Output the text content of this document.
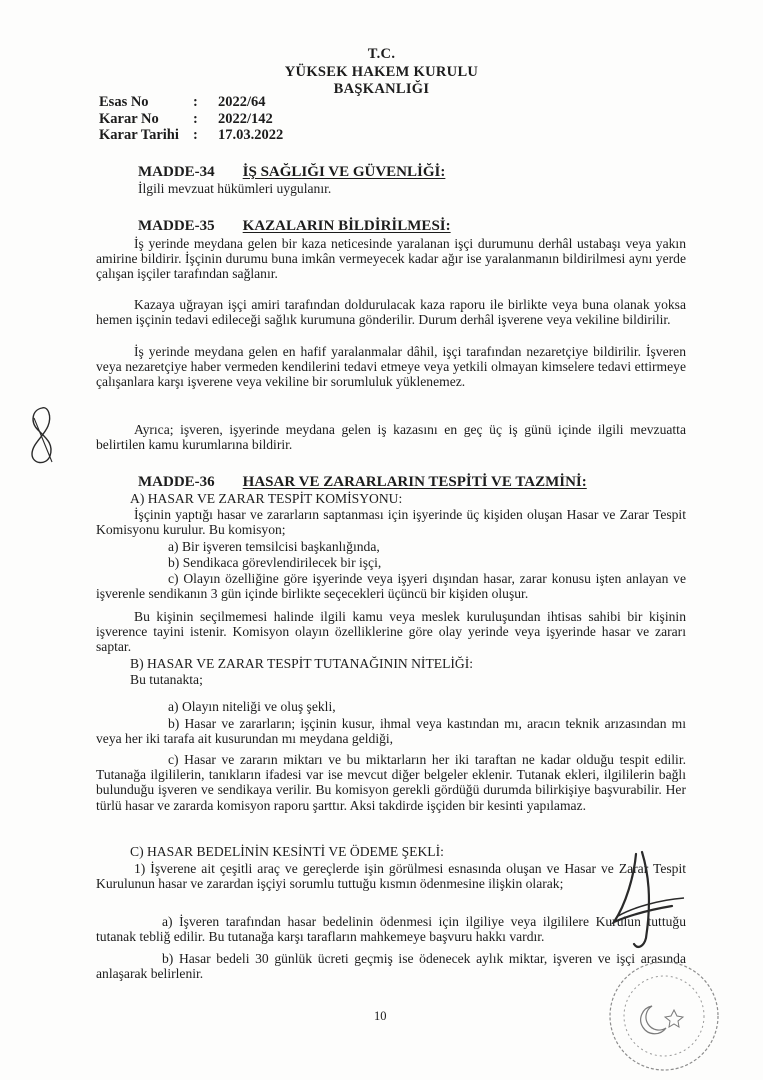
T.C.
YÜKSEK HAKEM KURULU
BAŞKANLIĞI
Esas No	:	2022/64
Karar No	:	2022/142
Karar Tarihi :	17.03.2022
MADDE-34 İŞ SAĞLIĞI VE GÜVENLİĞİ:
İlgili mevzuat hükümleri uygulanır.
MADDE-35 KAZALARIN BİLDİRİLMESİ:
İş yerinde meydana gelen bir kaza neticesinde yaralanan işçi durumunu derhâl ustabaşı veya yakın amirine bildirir. İşçinin durumu buna imkân vermeyecek kadar ağır ise yaralanmanın bildirilmesi aynı yerde çalışan işçiler tarafından sağlanır.
Kazaya uğrayan işçi amiri tarafından doldurulacak kaza raporu ile birlikte veya buna olanak yoksa hemen işçinin tedavi edileceği sağlık kurumuna gönderilir. Durum derhâl işverene veya vekiline bildirilir.
İş yerinde meydana gelen en hafif yaralanmalar dâhil, işçi tarafından nezaretçiye bildirilir. İşveren veya nezaretçiye haber vermeden kendilerini tedavi etmeye veya yetkili olmayan kimselere tedavi ettirmeye çalışanlara karşı işverene veya vekiline bir sorumluluk yüklenemez.
Ayrıca; işveren, işyerinde meydana gelen iş kazasını en geç üç iş günü içinde ilgili mevzuatta belirtilen kamu kurumlarına bildirir.
MADDE-36 HASAR VE ZARARLARIN TESPİTİ VE TAZMİNİ:
A) HASAR VE ZARAR TESPİT KOMİSYONU:
İşçinin yaptığı hasar ve zararların saptanması için işyerinde üç kişiden oluşan Hasar ve Zarar Tespit Komisyonu kurulur. Bu komisyon;
a) Bir işveren temsilcisi başkanlığında,
b) Sendikaca görevlendirilecek bir işçi,
c) Olayın özelliğine göre işyerinde veya işyeri dışından hasar, zarar konusu işten anlayan ve işverenle sendikanın 3 gün içinde birlikte seçecekleri üçüncü bir kişiden oluşur.
Bu kişinin seçilmemesi halinde ilgili kamu veya meslek kuruluşundan ihtisas sahibi bir kişinin işverence tayini istenir. Komisyon olayın özelliklerine göre olay yerinde veya işyerinde hasar ve zararı saptar.
B) HASAR VE ZARAR TESPİT TUTANAĞININ NİTELİĞİ:
Bu tutanakta;
a) Olayın niteliği ve oluş şekli,
b) Hasar ve zararların; işçinin kusur, ihmal veya kastından mı, aracın teknik arızasından mı veya her iki tarafa ait kusurundan mı meydana geldiği,
c) Hasar ve zararın miktarı ve bu miktarların her iki taraftan ne kadar olduğu tespit edilir. Tutanağa ilgililerin, tanıkların ifadesi var ise mevcut diğer belgeler eklenir. Tutanak ekleri, ilgililerin bağlı bulunduğu işveren ve sendikaya verilir. Bu komisyon gerekli gördüğü durumda bilirkişiye başvurabilir. Her türlü hasar ve zararda komisyon raporu şarttır. Aksi takdirde işçiden bir kesinti yapılamaz.
C) HASAR BEDELİNİN KESİNTİ VE ÖDEME ŞEKLİ:
1) İşverene ait çeşitli araç ve gereçlerde işin görülmesi esnasında oluşan ve Hasar ve Zarar Tespit Kurulunun hasar ve zarardan işçiyi sorumlu tuttuğu kısmın ödenmesine ilişkin olarak;
a) İşveren tarafından hasar bedelinin ödenmesi için ilgiliye veya ilgililere Kurulun tuttuğu tutanak tebliğ edilir. Bu tutanağa karşı tarafların mahkemeye başvuru hakkı vardır.
b) Hasar bedeli 30 günlük ücreti geçmiş ise ödenecek aylık miktar, işveren ve işçi arasında anlaşarak belirlenir.
10
